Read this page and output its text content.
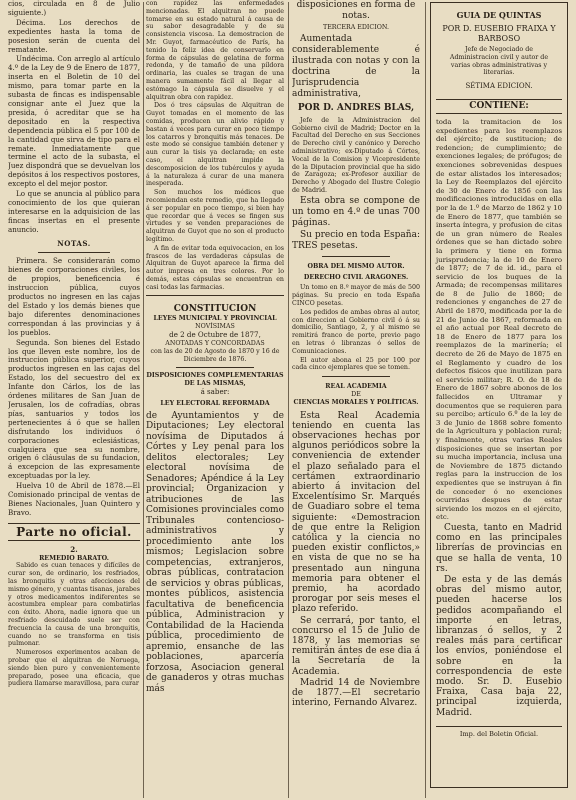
cios, circulada en 8 de Julio siguiente.)

Décima. Los derechos de expedientes hasta la toma de posesion serán de cuenta del rematante.

Undécima. Con arreglo al artículo 4.º de la Ley de 9 de Enero de 1877, inserta en el Boletin de 10 del mismo, para tomar parte en la subasta de fincas es indispensable consignar ante el Juez que la presida, ó acreditar que se ha depositado en la respectiva dependencia pública el 5 por 100 de la cantidad que sirva de tipo para el remate. Inmediatamente que termine el acto de la subasta, el Juez dispondrá que se devuelvan los depósitos á los respectivos postores, excepto el del mejor postor.

Lo que se anuncia al público para conocimiento de los que quieran interesarse en la adquisicion de las fincas insertas en el presente anuncio.

NOTAS.

Primera. Se considerarán como bienes de corporaciones civiles, los de propios, beneficencia é instruccion pública, cuyos productos no ingresen en las cajas del Estado y los demás bienes que bajo diferentes denominaciones correspondan á las provincias y á los pueblos.

Segunda. Son bienes del Estado los que lleven este nombre, los de instruccion pública superior, cuyos productos ingresen en las cajas del Estado, los del secuestro del ex Infante don Cárlos, los de las órdenes militares de San Juan de Jerusalen, los de cofradías, obras pías, santuarios y todos los pertenecientes á ó que se hallen disfrutando los individuos ó corporaciones eclesiásticas, cualquiera que sea su nombre, origen ó cláusulas de su fundacion, á excepcion de las expresamente exceptuadas por la ley.

Huelva 10 de Abril de 1878.—El Comisionado principal de ventas de Bienes Nacionales, Juan Quintero y Bravo.

Parte no oficial.
2.
REMEDIO BARATO.

Sabido es cuan tenaces y difíciles de curar son, de ordinario, los resfriados, las bronquitis y otras afecciones del mismo género, y cuantas tisanas, jarabes y otros medicamentos indiferentes se acostumbra emplear para combatirlas con éxito. Ahora, nadie ignora que un resfriado descuidado suele ser con frecuencia la causa de una bronquitis, cuando no se transforma en tisis pulmonar.

Numerosos experimentos acaban de probar que el alquitran de Noruega, siendo bien puro y convenientemente preparado, posee una eficacia, que pudiera llamarse maravillosa, para curar

con rapidez las enfermedades mencionadas. El alquitran no puede tomarse en su estado natural á causa de su sabor desagradable y de su consistencia viscosa. La demostracion de Mr. Guyot, farmacéutico de París, ha tenido la feliz idea de conservarlo en forma de cápsulas de gelatina de forma redonda, y de tamaño de una píldora ordinaria, las cuales se tragan de una manera sumamente fácil al llegar al estómago la cápsula se disuelve y el alquitran obra con rapidez.

Dos ó tres cápsulas de Alquitran de Guyot tomadas en el momento de las comidas, producen un alivio rápido y bastan á veces para curar en poco tiempo los catarros y bronquitis más tenaces. De este modo se consigue también detener y aun curar la tisis ya declarada; en este caso, el alquitran impide la descomposicion de los tubérculos y ayuda á la naturaleza á curar de una manera inesperada.

Son muchos los médicos que recomiendan este remedio, que ha llegado á ser popular en poco tiempo, si bien hay que recordar que á veces se fingen sus virtudes y se venden preparaciones de alquitran de Guyot que no son el producto legítimo.

A fin de evitar toda equivocacion, en los frascos de las verdaderas cápsulas de Alquitran de Guyot aparece la firma del autor impresa en tres colores. Por lo demás, estas cápsulas se encuentran en casi todas las farmacias.

CONSTITUCION
LEYES MUNICIPAL Y PROVINCIAL
NOVÍSIMAS
de 2 de Octubre de 1877,
ANOTADAS Y CONCORDADAS
con las de 20 de Agosto de 1870 y 16 de Diciembre de 1876.
DISPOSICIONES COMPLEMENTARIAS DE LAS MISMAS,
á saber:
LEY ELECTORAL REFORMADA

de Ayuntamientos y de Diputaciones; Ley electoral novísima de Diputados á Córtes y Ley penal para los delitos electorales; Ley electoral novísima de Senadores; Apéndice á la Ley provincial; Organizacion y atribuciones de las Comisiones provinciales como Tribunales contencioso-administrativos y procedimiento ante los mismos; Legislacion sobre competencias, extranjeros, obras públicas, contratacion de servicios y obras públicas, montes públicos, asistencia facultativa de beneficencia pública, Administracion y Contabilidad de la Hacienda pública, procedimiento de apremio, ensanche de las poblaciones, aparcería forzosa, Asociacion general de ganaderos y otras muchas más

disposiciones en forma de notas.

TERCERA EDICION.

Aumentada considerablemente é ilustrada con notas y con la doctrina de la Jurisprudencia administrativa,

POR D. ANDRES BLAS,

Jefe de la Administracion del Gobierno civil de Madrid; Doctor en la Facultad del Derecho en sus Secciones de Derecho civil y canónico y Derecho administrativo; ex-Diputado á Córtes, Vocal de la Comision y Vicepresidente de la Diputacion provincial que ha sido de Zaragoza; ex-Profesor auxiliar de Derecho y Abogado del Ilustre Colegio de Madrid.

Esta obra se compone de un tomo en 4.º de unas 700 páginas.

Su precio en toda España: TRES pesetas.

OBRA DEL MISMO AUTOR.
DERECHO CIVIL ARAGONES.

Un tomo en 8.º mayor de más de 500 páginas. Su precio en toda España CINCO pesetas.

Los pedidos de ambas obras al autor, con direccion al Gobierno civil ó á su domicilio, Santiago, 2, y al mismo se remitirá franco de porte, previo pago en letras ó libranzas ó sellos de Comunicaciones.

El autor abona el 25 por 100 por cada cinco ejemplares que se tomen.

REAL ACADEMIA
DE
CIENCIAS MORALES Y POLÍTICAS.

Esta Real Academia teniendo en cuenta las observaciones hechas por algunos periódicos sobre la conveniencia de extender el plazo señalado para el certámen extraordinario abierto á invitacion del Excelentísimo Sr. Marqués de Guadiaro sobre el tema siguiente: «Demostracion de que entre la Religion católica y la ciencia no pueden existir conflictos,» en vista de que no se ha presentado aun ninguna memoria para obtener el premio, ha acordado prorogar por seis meses el plazo referido.

Se cerrará, por tanto, el concurso el 15 de Julio de 1878, y las memorias se remitirán ántes de ese dia á la Secretaría de la Academia.

Madrid 14 de Noviembre de 1877.—El secretario interino, Fernando Alvarez.

GUIA DE QUINTAS
POR D. EUSEBIO FRAIXA Y BARBOSO
Jefe de Negociado de Administracion civil y autor de varias obras administrativas y literarias.
SÉTIMA EDICION.
CONTIENE:

toda la tramitacion de los expedientes para los reemplazos del ejército; de sustitucion; de redencion; de cumplimiento; de exenciones legales; de prófugos; de exenciones sobrevenidas despues de estar alistados los interesados; la Ley de Reemplazos del ejército de 30 de Enero de 1856 con las modificaciones introducidas en ella por la de 1.º de Marzo de 1862 y 10 de Enero de 1877, que también se inserta íntegra, y profusion de citas de un gran número de Reales órdenes que se han dictado sobre la primera y tiene en forma jurisprudencia; la de 10 de Enero de 1877; de 7 de id. id., para el servicio de los buques de la Armada; de recompensas militares de 8 de Julio de 1860; de redenciones y enganches de 27 de Abril de 1870, modificada por la de 21 de Junio de 1867, reformada en el año actual por Real decreto de 18 de Enero de 1877 para los reemplazos de la marinería; el decreto de 26 de Mayo de 1875 en el Reglamento y cuadro de los defectos físicos que inutilizan para el servicio militar; R. O. de 18 de Enero de 1867 sobre abonos de los fallecidos en Ultramar y documentos que se requieren para su percibo; artículo 6.º de la ley de 3 de Junio de 1868 sobre fomento de la Agricultura y poblacion rural; y finalmente, otras varias Reales disposiciones que se insertan por su mucha importancia, inclusa una de Noviembre de 1875 dictando reglas para la instruccion de los expedientes que se instruyan á fin de conceder ó no exenciones ocurridas despues de estar sirviendo los mozos en el ejército, etc.

Cuesta, tanto en Madrid como en las principales librerías de provincias en que se halla de venta, 10 rs.

De esta y de las demás obras del mismo autor, pueden hacerse los pedidos acompañando el importe en letras, libranzas ó sellos, y 2 reales más para certificar los envíos, poniéndose el sobre en la correspondencia de este modo. Sr. D. Eusebio Fraixa, Casa baja 22, principal izquierda, Madrid.

Imp. del Boletin Oficial.
